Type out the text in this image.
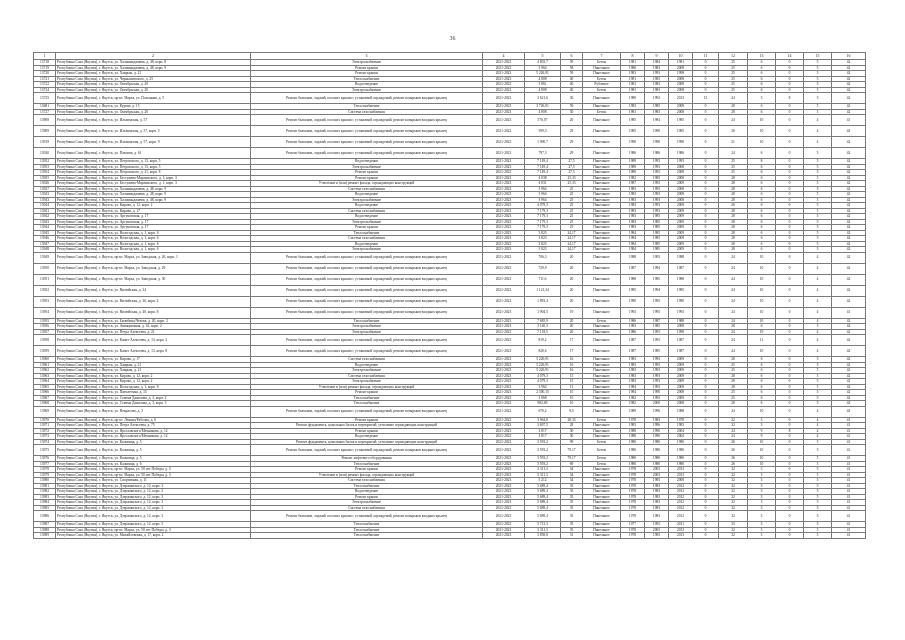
36
1	2	3	4	5	6	7	8	9	10	11	12	13	14	15	16
13718	Республика Саха (Якутия), г. Якутск, ул. Халиманджиева, д. 48, корп. 8	Электроснабжение	2021-2023	4 803,7	59	Бетон	1981	1984	1981	0	25	6	0	5	42
13719	Республика Саха (Якутия), г. Якутск, ул. Халиманджиева, д. 48, корп. 9	Ремонт крыши	2021-2023	3 964	58	Панельное	1980	1983	2008	0	25	6	0	5	42
13720	Республика Саха (Якутия), г. Якутск, ул. Хаярыы, д. 21	Ремонт крыши	2021-2023	5 226,91	59	Панельное	1983	1993	1998	0	25	6	0	5	42
13721	Республика Саха (Якутия), г. Якутск, ул. Чернышевского, д. 25	Теплоснабжение	2021-2023	4 808	40	Бетон	1981	1983	2008	0	25	6	0	5	42
13722	Республика Саха (Якутия), г. Якутск, ул. Октябрьская, д. 20	Водоотведение	2021-2023	3 861	40	Рубленое	1981	1983	2008	0	25	6	0	5	42
13724	Республика Саха (Якутия), г. Якутск, ул. Октябрьская, д. 20	Электроснабжение	2021-2023	4 808	40	Бетон	1981	1983	2008	0	25	6	0	5	42
13725	Республика Саха (Якутия), г. Якутск, пр-кт. Марха, ул. Полынная, д. 5	Ремонт балконов, лоджий, плоских крыши с установкой ограждений, ремонт козырьков входных крылец	2021-2023	3 621,6	30	Панельное	1989	1992	2013	15	24	3	8	5	42
13681	Республика Саха (Якутия), г. Якутск, ул. Курова, д. 15	Теплоснабжение	2021-2023	3 726,91	59	Панельное	1983	1985	2008	0	28	6	0	5	42
13727	Республика Саха (Якутия), г. Якутск, ул. Октябрьская, д. 20	Система газоснабжения	2021-2023	4 808	30	Бетон	1981	1983	2008	0	28	6	0	5	42
13908	Республика Саха (Якутия), г. Якутск, ул. Ильменская, д. 57	Ремонт балконов, лоджий, плоских крыши с установкой ограждений, ремонт козырьков входных крылец	2021-2023	576,07	20	Панельное	1985	1984	1985	0	24	10	0	4	41
13909	Республика Саха (Якутия), г. Якутск, ул. Ильменская, д. 57, корп. 5	Ремонт балконов, лоджий, плоских крыши с установкой ограждений, ремонт козырьков входных крылец	2021-2023	599,3	29	Панельное	1985	1990	1985	0	26	10	0	4	42
13919	Республика Саха (Якутия), г. Якутск, ул. Ильменская, д. 57, корп. 9	Ремонт балконов, лоджий, плоских крыши с установкой ограждений, ремонт козырьков входных крылец	2021-2023	1 990,7	29	Панельное	1990	1990	1990	0	21	10	0	4	42
13920	Республика Саха (Якутия), г. Якутск, ул. Павлова, д. 61	Ремонт балконов, лоджий, плоских крыши с установкой ограждений, ремонт козырьков входных крылец	2021-2023	797,3	29	Панельное	1986	1986	1986	0	24	6	0	5	42
13952	Республика Саха (Якутия), г. Якутск, ул. Петровского, д. 13, корп. 5	Водоотведение	2021-2023	7 149,4	27,5	Панельное	1989	1993	1993	0	25	8	0	5	42
13953	Республика Саха (Якутия), г. Якутск, ул. Петровского, д. 13, корп. 5	Электроснабжение	2021-2023	7 149,4	27,5	Панельное	1989	1993	2008	0	25	6	0	5	42
13954	Республика Саха (Якутия), г. Якутск, ул. Петровского, д. 21, корп. 8	Ремонт крыши	2021-2023	7 149,4	27,5	Панельное	1989	1993	2008	0	25	6	0	5	42
13955	Республика Саха (Якутия), г. Якутск, ул. Бестужева-Марлинского, д. 1, корп. 3	Ремонт крыши	2021-2023	4 038	25,33	Панельное	1982	1985	2008	0	28	6	0	5	42
13926	Республика Саха (Якутия), г. Якутск, ул. Бестужева-Марлинского, д. 1, корп. 3	Утепление и (или) ремонт фасада, ограждающих конструкций	2021-2023	4 831	25,33	Панельное	1987	1993	2009	0	28	6	0	5	42
13927	Республика Саха (Якутия), г. Якутск, ул. Халиманджиева, д. 48, корп. 9	Система газоснабжения	2021-2023	3 964	25	Панельное	1983	1993	2008	0	28	6	0	5	42
13943	Республика Саха (Якутия), г. Якутск, ул. Халиманджиева, д. 48, корп. 9	Водоотведение	2021-2023	3 964	25	Панельное	1983	1993	2008	0	28	6	0	5	42
13943	Республика Саха (Якутия), г. Якутск, ул. Халиманджиева, д. 48, корп. 9	Электроснабжение	2021-2023	3 964	25	Панельное	1983	1993	2008	0	28	6	0	5	42
13944	Республика Саха (Якутия), г. Якутск, ул. Кирова, д. 12, корп. 2	Водоотведение	2021-2023	4 079,3	25	Панельное	1983	1993	2008	0	26	6	0	5	42
13941	Республика Саха (Якутия), г. Якутск, ул. Кирова, д. 17	Система газоснабжения	2021-2023	7 179,3	25	Панельное	1983	1993	2009	0	28	6	0	5	42
13942	Республика Саха (Якутия), г. Якутск, ул. Аргуновская, д. 17	Водоотведение	2021-2023	7 179,3	25	Панельное	1983	1985	2009	0	28	6	0	5	42
13943	Республика Саха (Якутия), г. Якутск, ул. Аргуновская, д. 17	Электроснабжение	2021-2023	7 179,3	25	Панельное	1983	1985	2009	0	28	6	0	5	42
13944	Республика Саха (Якутия), г. Якутск, ул. Аргуновская, д. 17	Ремонт крыши	2021-2023	7 179,3	25	Панельное	1983	1985	2009	0	28	6	0	5	42
13945	Республика Саха (Якутия), г. Якутск, ул. Вологодская, д. 1, корп. 6	Теплоснабжение	2021-2023	3 823	24,17	Панельное	1984	1985	2009	0	28	6	0	5	42
13946	Республика Саха (Якутия), г. Якутск, ул. Вологодская, д. 1, корп. 6	Система газоснабжения	2021-2023	3 823	24,17	Панельное	1984	1985	2009	0	28	6	0	5	42
13947	Республика Саха (Якутия), г. Якутск, ул. Вологодская, д. 1, корп. 6	Водоотведение	2021-2023	3 823	24,17	Панельное	1984	1985	2009	0	28	6	0	5	42
13948	Республика Саха (Якутия), г. Якутск, ул. Вологодская, д. 1, корп. 6	Электроснабжение	2021-2023	3 823	24,17	Панельное	1984	1985	2009	0	28	6	0	5	42
13949	Республика Саха (Якутия), г. Якутск, пр-кт. Марха, ул. Заводская, д. 26, корп. 1	Ремонт балконов, лоджий, плоских крыши с установкой ограждений, ремонт козырьков входных крылец	2021-2023	706,3	20	Панельное	1988	1993	1988	0	24	10	0	4	42
13950	Республика Саха (Якутия), г. Якутск, пр-кт. Марха, ул. Заводская, д. 29	Ремонт балконов, лоджий, плоских крыши с установкой ограждений, ремонт козырьков входных крылец	2021-2023	729,9	20	Панельное	1987	1994	1987	0	24	10	0	4	42
13951	Республика Саха (Якутия), г. Якутск, пр-кт. Марха, ул. Заводская, д. 30	Ремонт балконов, лоджий, плоских крыши с установкой ограждений, ремонт козырьков входных крылец	2021-2023	711,6	20	Панельное	1988	1985	1988	0	24	10	0	4	42
13952	Республика Саха (Якутия), г. Якутск, ул. Вилюйская, д. 34	Ремонт балконов, лоджий, плоских крыши с установкой ограждений, ремонт козырьков входных крылец	2021-2023	1 121,34	20	Панельное	1985	1994	1985	0	24	10	0	4	42
13953	Республика Саха (Якутия), г. Якутск, ул. Вилюйская, д. 36, корп. 2	Ремонт балконов, лоджий, плоских крыши с установкой ограждений, ремонт козырьков входных крылец	2021-2023	1 893,4	20	Панельное	1990	1993	1990	0	24	10	0	4	42
13954	Республика Саха (Якутия), г. Якутск, ул. Вилюйская, д. 40, корп. 8	Ремонт балконов, лоджий, плоских крыши с установкой ограждений, ремонт козырьков входных крылец	2021-2023	1 904,5	19	Панельное	1993	1995	1993	0	24	10	0	4	41
13955	Республика Саха (Якутия), г. Якутск, ул. Билибина/Чехова, д. 20, корп. 2	Теплоснабжение	2021-2023	7 685,9	20	Бетон	1986	1987	1988	0	24	10	0	4	42
13956	Республика Саха (Якутия), г. Якутск, ул. Авиационная, д. 42, корп. 2	Электроснабжение	2021-2023	3 140,3	20	Панельное	1983	1985	2008	0	28	6	0	5	42
13957	Республика Саха (Якутия), г. Якутск, ул. Петра Алексеева, д. 21	Электроснабжение	2021-2023	7 118,5	20	Панельное	1986	1993	1998	0	24	19	0	4	42
13958	Республика Саха (Якутия), г. Якутск, ул. Капит Алексеева, д. 13, корп. 2	Ремонт балконов, лоджий, плоских крыши с установкой ограждений, ремонт козырьков входных крылец	2021-2023	819,2	17	Панельное	1987	1993	1987	0	24	11	0	4	42
13959	Республика Саха (Якутия), г. Якутск, ул. Капит Алексеева, д. 13, корп. 8	Ремонт балконов, лоджий, плоских крыши с установкой ограждений, ремонт козырьков входных крылец	2021-2023	828,6	17	Панельное	1987	1985	1987	0	24	10	0	4	42
13960	Республика Саха (Якутия), г. Якутск, ул. Кирова, д. 17	Система газоснабжения	2021-2023	5 226,91	16	Панельное	1983	1993	2009	0	28	6	0	5	42
13961	Республика Саха (Якутия), г. Якутск, ул. Хаярыы, д. 21	Водоотведение	2021-2023	5 226,91	16	Панельное	1983	1993	2009	0	25	6	0	5	42
13962	Республика Саха (Якутия), г. Якутск, ул. Хаярыы, д. 21	Электроснабжение	2021-2023	5 226,91	16	Панельное	1983	1993	2009	0	25	6	0	5	42
13963	Республика Саха (Якутия), г. Якутск, ул. Кирова, д. 12, корп. 2	Система газоснабжения	2021-2023	4 079,3	15	Панельное	1983	1993	2009	0	28	6	0	5	42
13964	Республика Саха (Якутия), г. Якутск, ул. Кирова, д. 12, корп. 2	Электроснабжение	2021-2023	4 079,3	15	Панельное	1983	1993	2009	0	28	6	0	5	42
13965	Республика Саха (Якутия), г. Якутск, ул. Вологодская, д. 1, корп. 6	Утепление и (или) ремонт фасада, ограждающих конструкций	2021-2023	3 964	13	Панельное	1984	1993	2009	0	28	6	0	5	42
13966	Республика Саха (Якутия), г. Якутск, ул. Пятилетняя, д. 15	Ремонт крыши	2021-2023	2 300,15	10	Панельное	1984	1990	2008	0	25	6	0	5	42
13967	Республика Саха (Якутия), г. Якутск, ул. Семена Данилова, д. 3, корп. 2	Теплоснабжение	2021-2023	3 968	10	Панельное	1982	1993	2009	0	25	6	0	5	42
13968	Республика Саха (Якутия), г. Якутск, ул. Семена Данилова, д. 3, корп. 3	Теплоснабжение	2021-2023	982,69	10	Панельное	1982	2000	2008	0	28	6	0	5	42
13969	Республика Саха (Якутия), г. Якутск, ул. Некрасова, д. 3	Ремонт балконов, лоджий, плоских крыши с установкой ограждений, ремонт козырьков входных крылец	2021-2023	670,2	9,5	Панельное	1989	1996	1988	0	24	10	0	4	42
13970	Республика Саха (Якутия), г. Якутск, пр-кт. Ленина/Рабочая, д. 6	Ремонт крыши	2021-2023	3 964,8	28,33	Бетон	1978	1983	1978	0	32	3	0	4	41
13971	Республика Саха (Якутия), г. Якутск, ул. Петра Алексеева, д. 75	Ремонт фундамента, цокольных балок и перекрытий, утепление ограждающих конструкций	2021-2023	3 697,5	28	Панельное	1983	1996	1983	0	32	3	0	4	41
13972	Республика Саха (Якутия), г. Якутск, ул. Ярославского/Мечникова, д. 12	Ремонт крыши	2021-2023	3 817	30	Панельное	1988	1990	2004	0	24	9	8	4	41
13973	Республика Саха (Якутия), г. Якутск, ул. Ярославского/Мечникова, д. 12	Водоотведение	2021-2023	3 817	30	Панельное	1988	1990	2004	0	24	9	0	4	41
13974	Республика Саха (Якутия), г. Якутск, ул. Кальвица, д. 5	Ремонт фундамента, цокольных балок и перекрытий, утепление ограждающих конструкций	2021-2023	3 593,2	99	Бетон	1980	1980	1980	0	26	10	0	5	41
13975	Республика Саха (Якутия), г. Якутск, ул. Кальвица, д. 5	Ремонт балконов, лоджий, плоских крыши с установкой ограждений, ремонт козырьков входных крылец	2021-2023	3 593,2	79,17	Бетон	1980	1980	1980	0	26	10	0	5	41
13976	Республика Саха (Якутия), г. Якутск, ул. Кальвица, д. 5	Ремонт лифтового оборудования	2021-2023	3 593,2	79,17	Бетон	1980	1980	1980	0	26	10	0	5	41
13977	Республика Саха (Якутия), г. Якутск, ул. Кальвица, д. 6	Теплоснабжение	2021-2023	3 593,2	69	Бетон	1980	1980	1980	0	26	10	0	5	41
13978	Республика Саха (Якутия), г. Якутск, пр-кт. Марха, ул. 50 лет Победы, д. 3	Ремонт крыши	2021-2023	3 311,3	34	Панельное	1978	2003	2013	0	32	3	0	5	41
13979	Республика Саха (Якутия), г. Якутск, пр-кт. Марха, ул. 50 лет Победы, д. 3	Утепление и (или) ремонт фасада, ограждающих конструкций	2021-2023	3 311,3	34	Панельное	1978	2003	2013	0	32	3	0	5	41
13980	Республика Саха (Якутия), г. Якутск, ул. Спортивная, д. 11	Система газоснабжения	2021-2023	5 212	34	Панельное	1978	1985	2008	0	32	3	0	5	41
13981	Республика Саха (Якутия), г. Якутск, ул. Дзержинского, д. 12, корп. 3	Теплоснабжение	2021-2023	5 689,4	35	Панельное	1978	1983	2012	0	32	3	0	5	41
13982	Республика Саха (Якутия), г. Якутск, ул. Дзержинского, д. 12, корп. 3	Водоотведение	2021-2023	5 689,4	35	Панельное	1978	1983	2012	0	32	3	0	5	41
13983	Республика Саха (Якутия), г. Якутск, ул. Дзержинского, д. 12, корп. 3	Ремонт крыши	2021-2023	5 689,4	35	Панельное	1978	1983	2012	0	32	3	0	5	41
13984	Республика Саха (Якутия), г. Якутск, ул. Дзержинского, д. 12, корп. 3	Электроснабжение	2021-2023	5 689,4	35	Панельное	1978	1983	2012	0	32	3	0	5	41
13985	Республика Саха (Якутия), г. Якутск, ул. Дзержинского, д. 12, корп. 3	Система газоснабжения	2021-2023	5 689,4	35	Панельное	1978	1983	2012	0	32	3	0	5	41
13986	Республика Саха (Якутия), г. Якутск, ул. Дзержинского, д. 12, корп. 3	Ремонт балконов, лоджий, плоских крыши с установкой ограждений, ремонт козырьков входных крылец	2021-2023	5 689,4	35	Панельное	1978	1983	2012	0	32	3	0	5	41
13987	Республика Саха (Якутия), г. Якутск, ул. Дзержинского, д. 12, корп. 3	Теплоснабжение	2021-2023	5 713,3	35	Панельное	1977	1993	2011	0	33	3	0	5	41
13988	Республика Саха (Якутия), г. Якутск, пр-кт. Марха, ул. 50 лет Победы, д. 3	Теплоснабжение	2021-2023	3 311,3	35	Панельное	1978	2003	2013	0	32	3	0	5	41
13989	Республика Саха (Якутия), г. Якутск, ул. Михайловская, д. 17, корп. 2	Теплоснабжение	2021-2023	3 858,8	31	Панельное	1978	1983	2013	0	32	3	0	5	41
